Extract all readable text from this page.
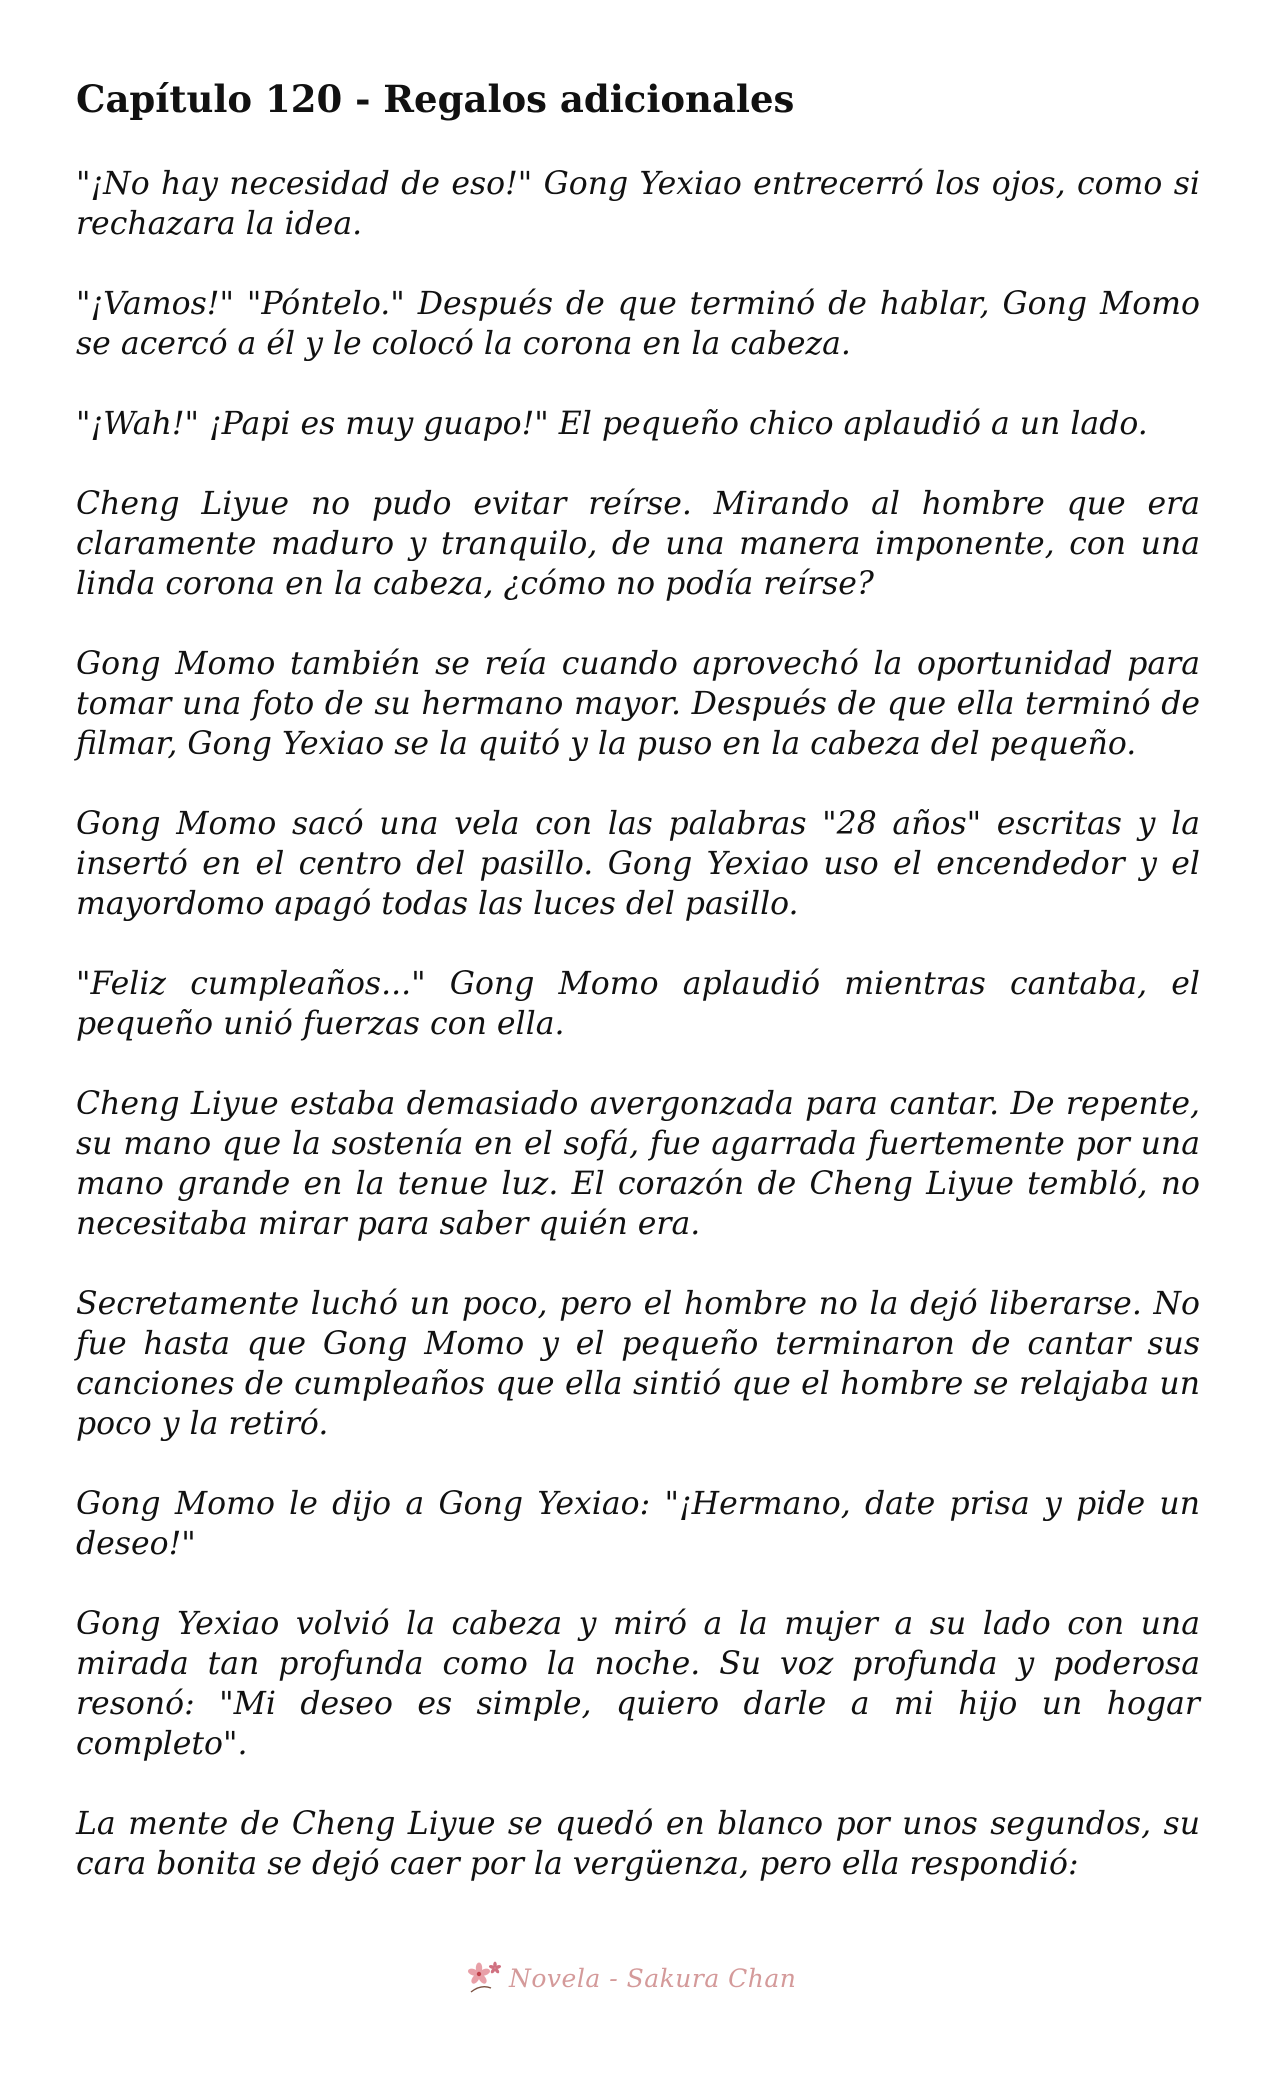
Capítulo 120 - Regalos adicionales

"¡No hay necesidad de eso!" Gong Yexiao entrecerró los ojos, como si rechazara la idea.

"¡Vamos!" "Póntelo." Después de que terminó de hablar, Gong Momo se acercó a él y le colocó la corona en la cabeza.

"¡Wah!" ¡Papi es muy guapo!" El pequeño chico aplaudió a un lado.

Cheng Liyue no pudo evitar reírse. Mirando al hombre que era claramente maduro y tranquilo, de una manera imponente, con una linda corona en la cabeza, ¿cómo no podía reírse?

Gong Momo también se reía cuando aprovechó la oportunidad para tomar una foto de su hermano mayor. Después de que ella terminó de filmar, Gong Yexiao se la quitó y la puso en la cabeza del pequeño.

Gong Momo sacó una vela con las palabras "28 años" escritas y la insertó en el centro del pasillo. Gong Yexiao uso el encendedor y el mayordomo apagó todas las luces del pasillo.

"Feliz cumpleaños..." Gong Momo aplaudió mientras cantaba, el pequeño unió fuerzas con ella.

Cheng Liyue estaba demasiado avergonzada para cantar. De repente, su mano que la sostenía en el sofá, fue agarrada fuertemente por una mano grande en la tenue luz. El corazón de Cheng Liyue tembló, no necesitaba mirar para saber quién era.

Secretamente luchó un poco, pero el hombre no la dejó liberarse. No fue hasta que Gong Momo y el pequeño terminaron de cantar sus canciones de cumpleaños que ella sintió que el hombre se relajaba un poco y la retiró.

Gong Momo le dijo a Gong Yexiao: "¡Hermano, date prisa y pide un deseo!"

Gong Yexiao volvió la cabeza y miró a la mujer a su lado con una mirada tan profunda como la noche. Su voz profunda y poderosa resonó: "Mi deseo es simple, quiero darle a mi hijo un hogar completo".

La mente de Cheng Liyue se quedó en blanco por unos segundos, su cara bonita se dejó caer por la vergüenza, pero ella respondió:

Novela - Sakura Chan
